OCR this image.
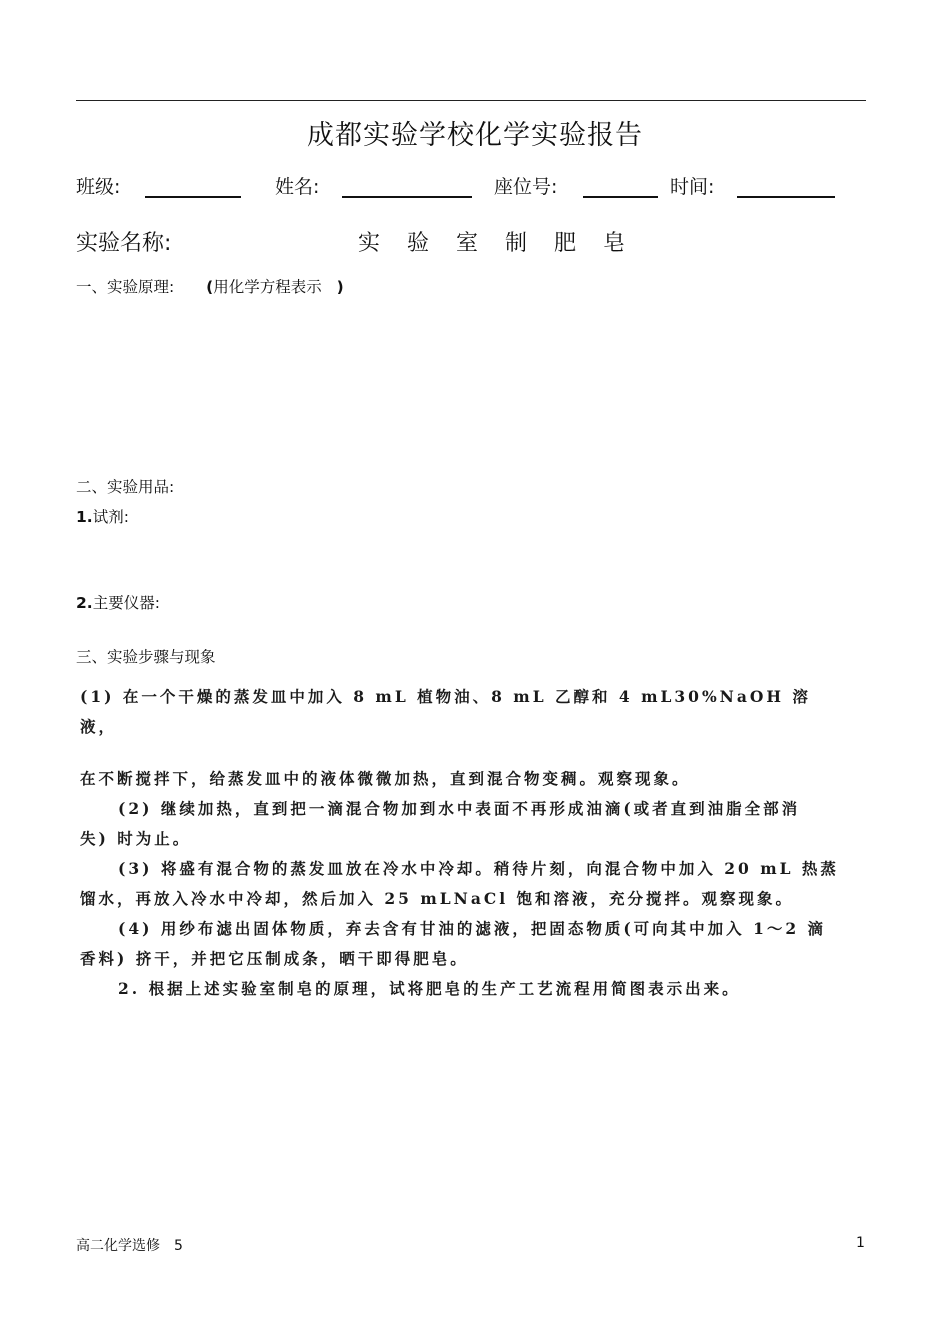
成都实验学校化学实验报告
班级:	姓名:	座位号:	时间:
实验名称:	实 验 室 制 肥 皂
一、实验原理: (用化学方程表示 )
二、实验用品:
1.试剂:
2.主要仪器:
三、实验步骤与现象

(1) 在一个干燥的蒸发皿中加入 8 mL 植物油、8 mL 乙醇和 4 mL30%NaOH 溶液，

在不断搅拌下，给蒸发皿中的液体微微加热，直到混合物变稠。观察现象。

(2) 继续加热，直到把一滴混合物加到水中表面不再形成油滴(或者直到油脂全部消

失) 时为止。

(3) 将盛有混合物的蒸发皿放在冷水中冷却。稍待片刻，向混合物中加入 20 mL 热蒸

馏水，再放入冷水中冷却，然后加入 25 mLNaCl 饱和溶液，充分搅拌。观察现象。

(4) 用纱布滤出固体物质，弃去含有甘油的滤液，把固态物质(可向其中加入 1～2 滴

香料) 挤干，并把它压制成条，晒干即得肥皂。

2. 根据上述实验室制皂的原理，试将肥皂的生产工艺流程用简图表示出来。

高二化学选修　5	1
